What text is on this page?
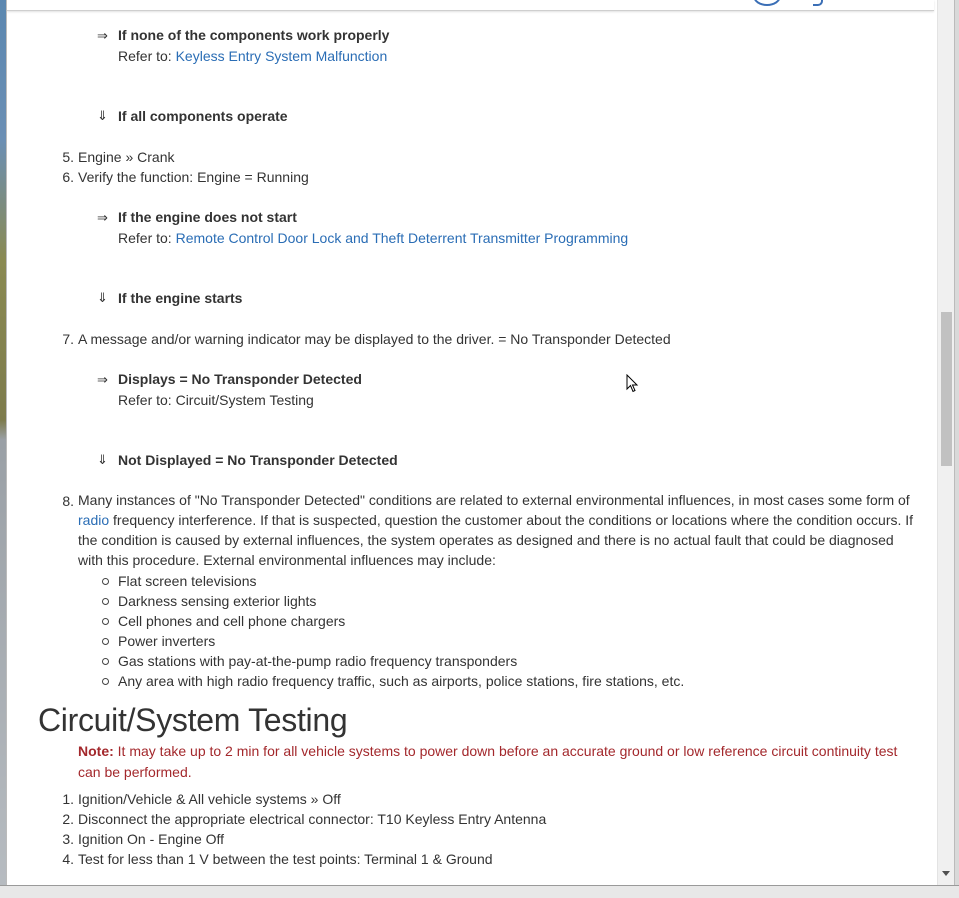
⇒ If none of the components work properly
Refer to: Keyless Entry System Malfunction
⇓ If all components operate
5. Engine » Crank
6. Verify the function: Engine = Running
⇒ If the engine does not start
Refer to: Remote Control Door Lock and Theft Deterrent Transmitter Programming
⇓ If the engine starts
7. A message and/or warning indicator may be displayed to the driver. = No Transponder Detected
⇒ Displays = No Transponder Detected
Refer to: Circuit/System Testing
⇓ Not Displayed = No Transponder Detected
8. Many instances of "No Transponder Detected" conditions are related to external environmental influences, in most cases some form of radio frequency interference. If that is suspected, question the customer about the conditions or locations where the condition occurs. If the condition is caused by external influences, the system operates as designed and there is no actual fault that could be diagnosed with this procedure. External environmental influences may include:
Flat screen televisions
Darkness sensing exterior lights
Cell phones and cell phone chargers
Power inverters
Gas stations with pay-at-the-pump radio frequency transponders
Any area with high radio frequency traffic, such as airports, police stations, fire stations, etc.
Circuit/System Testing
Note: It may take up to 2 min for all vehicle systems to power down before an accurate ground or low reference circuit continuity test can be performed.
1. Ignition/Vehicle & All vehicle systems » Off
2. Disconnect the appropriate electrical connector: T10 Keyless Entry Antenna
3. Ignition On - Engine Off
4. Test for less than 1 V between the test points: Terminal 1 & Ground
